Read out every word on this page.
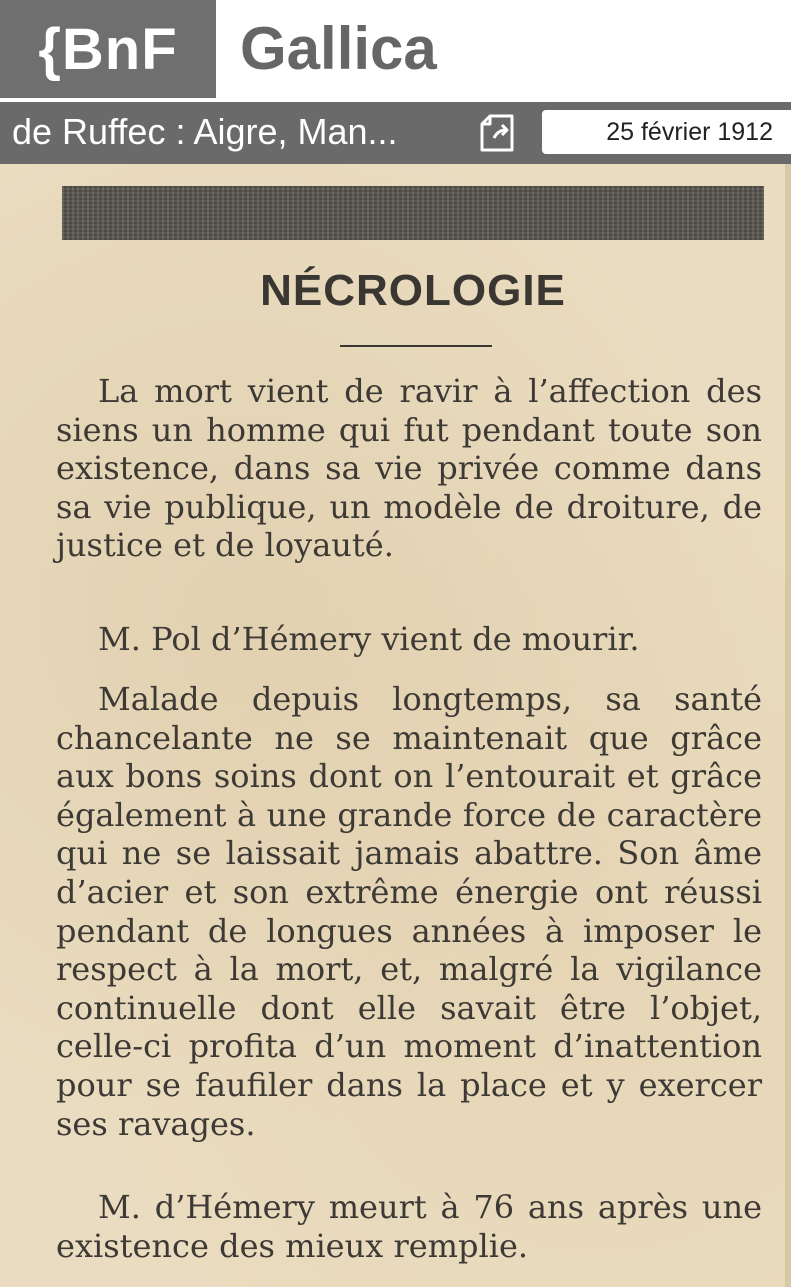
{BnF	Gallica
de Ruffec : Aigre, Man...	25 février 1912
NÉCROLOGIE

La mort vient de ravir à l’affection des siens un homme qui fut pendant toute son existence, dans sa vie privée comme dans sa vie publique, un modèle de droiture, de justice et de loyauté.

M. Pol d’Hémery vient de mourir.

Malade depuis longtemps, sa santé chancelante ne se maintenait que grâce aux bons soins dont on l’entourait et grâce également à une grande force de caractère qui ne se laissait jamais abattre. Son âme d’acier et son extrême énergie ont réussi pendant de longues années à imposer le respect à la mort, et, malgré la vigilance continuelle dont elle savait être l’objet, celle-ci profita d’un moment d’inattention pour se faufiler dans la place et y exercer ses ravages.

M. d’Hémery meurt à 76 ans après une existence des mieux remplie.
